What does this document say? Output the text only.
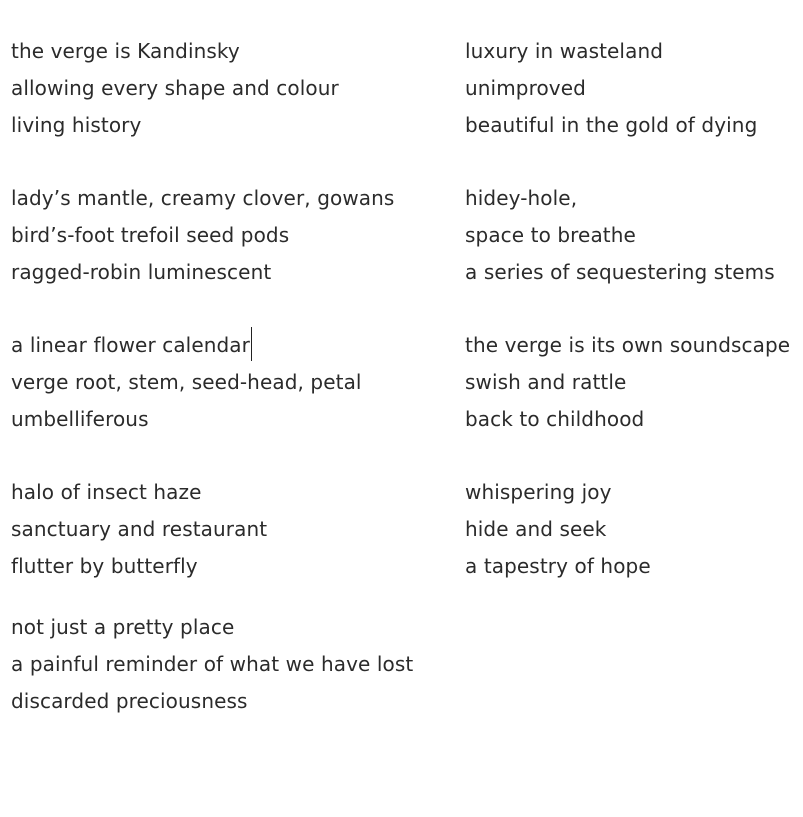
the verge is Kandinsky
allowing every shape and colour
living history
lady’s mantle, creamy clover, gowans
bird’s-foot trefoil seed pods
ragged-robin luminescent
a linear flower calendar
verge root, stem, seed-head, petal
umbelliferous
halo of insect haze
sanctuary and restaurant
flutter by butterfly
luxury in wasteland
unimproved
beautiful in the gold of dying
hidey-hole,
space to breathe
a series of sequestering stems
the verge is its own soundscape
swish and rattle
back to childhood
whispering joy
hide and seek
a tapestry of hope
not just a pretty place
a painful reminder of what we have lost
discarded preciousness
